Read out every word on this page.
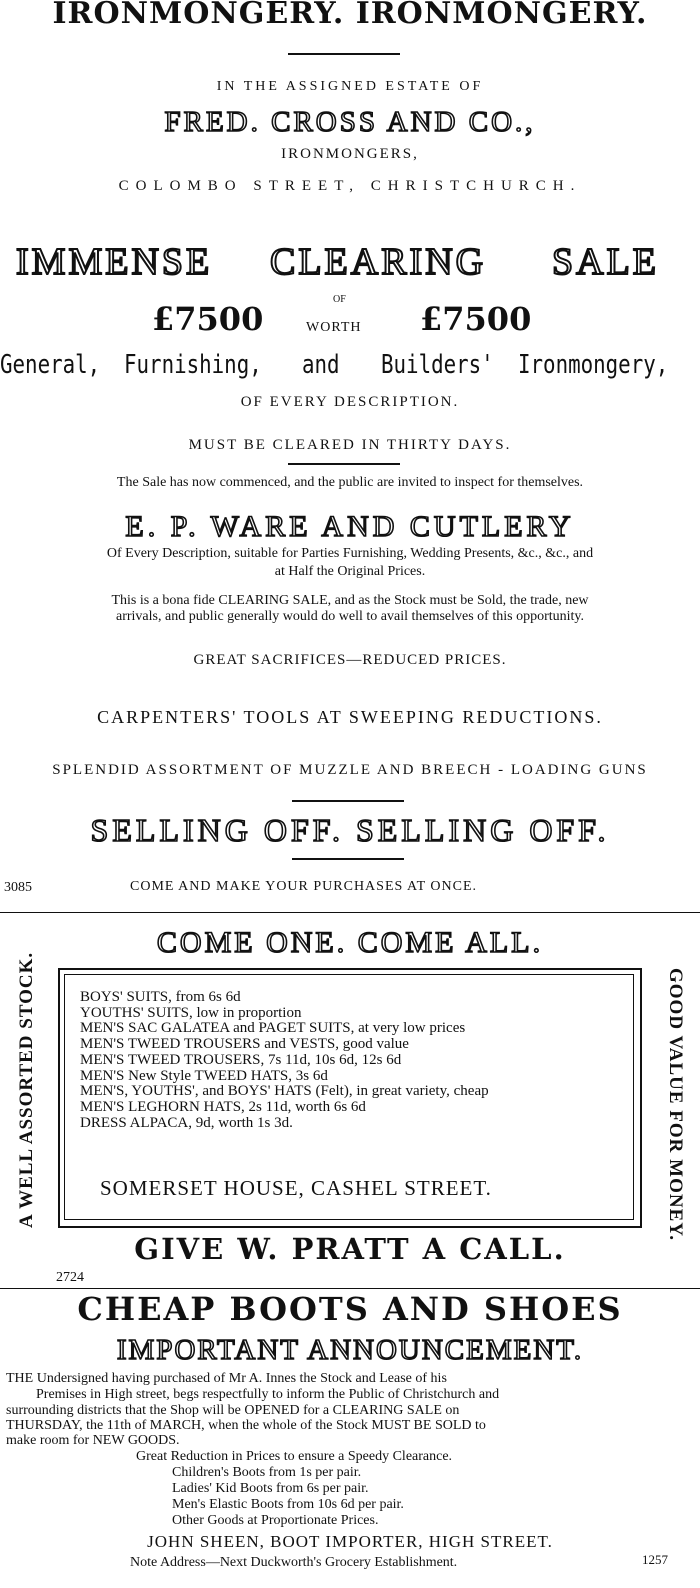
IRONMONGERY. IRONMONGERY.
IN THE ASSIGNED ESTATE OF
FRED. CROSS AND CO.,
IRONMONGERS,
COLOMBO STREET, CHRISTCHURCH.
IMMENSE CLEARING SALE
OF
£7500	WORTH £7500
General, Furnishing, and Builders' Ironmongery,
OF EVERY DESCRIPTION.
MUST BE CLEARED IN THIRTY DAYS.
The Sale has now commenced, and the public are invited to inspect for themselves.
E. P. WARE AND CUTLERY
Of Every Description, suitable for Parties Furnishing, Wedding Presents, &c., &c., and
at Half the Original Prices.
This is a bona fide CLEARING SALE, and as the Stock must be Sold, the trade, new
arrivals, and public generally would do well to avail themselves of this opportunity.
GREAT SACRIFICES—REDUCED PRICES.
CARPENTERS' TOOLS AT SWEEPING REDUCTIONS.
SPLENDID ASSORTMENT OF MUZZLE AND BREECH - LOADING GUNS
SELLING OFF. SELLING OFF.
3085	COME AND MAKE YOUR PURCHASES AT ONCE.
COME ONE. COME ALL.
A WELL ASSORTED STOCK.	GOOD VALUE FOR MONEY.
BOYS' SUITS, from 6s 6d
YOUTHS' SUITS, low in proportion
MEN'S SAC GALATEA and PAGET SUITS, at very low prices
MEN'S TWEED TROUSERS and VESTS, good value
MEN'S TWEED TROUSERS, 7s 11d, 10s 6d, 12s 6d
MEN'S New Style TWEED HATS, 3s 6d
MEN'S, YOUTHS', and BOYS' HATS (Felt), in great variety, cheap
MEN'S LEGHORN HATS, 2s 11d, worth 6s 6d
DRESS ALPACA, 9d, worth 1s 3d.
SOMERSET HOUSE, CASHEL STREET.
GIVE W. PRATT A CALL.
2724
CHEAP BOOTS AND SHOES
IMPORTANT ANNOUNCEMENT.
THE Undersigned having purchased of Mr A. Innes the Stock and Lease of his
Premises in High street, begs respectfully to inform the Public of Christchurch and
surrounding districts that the Shop will be OPENED for a CLEARING SALE on
THURSDAY, the 11th of MARCH, when the whole of the Stock MUST BE SOLD to
make room for NEW GOODS.
Great Reduction in Prices to ensure a Speedy Clearance.
Children's Boots from 1s per pair.
Ladies' Kid Boots from 6s per pair.
Men's Elastic Boots from 10s 6d per pair.
Other Goods at Proportionate Prices.
JOHN SHEEN, BOOT IMPORTER, HIGH STREET.
Note Address—Next Duckworth's Grocery Establishment.	1257
